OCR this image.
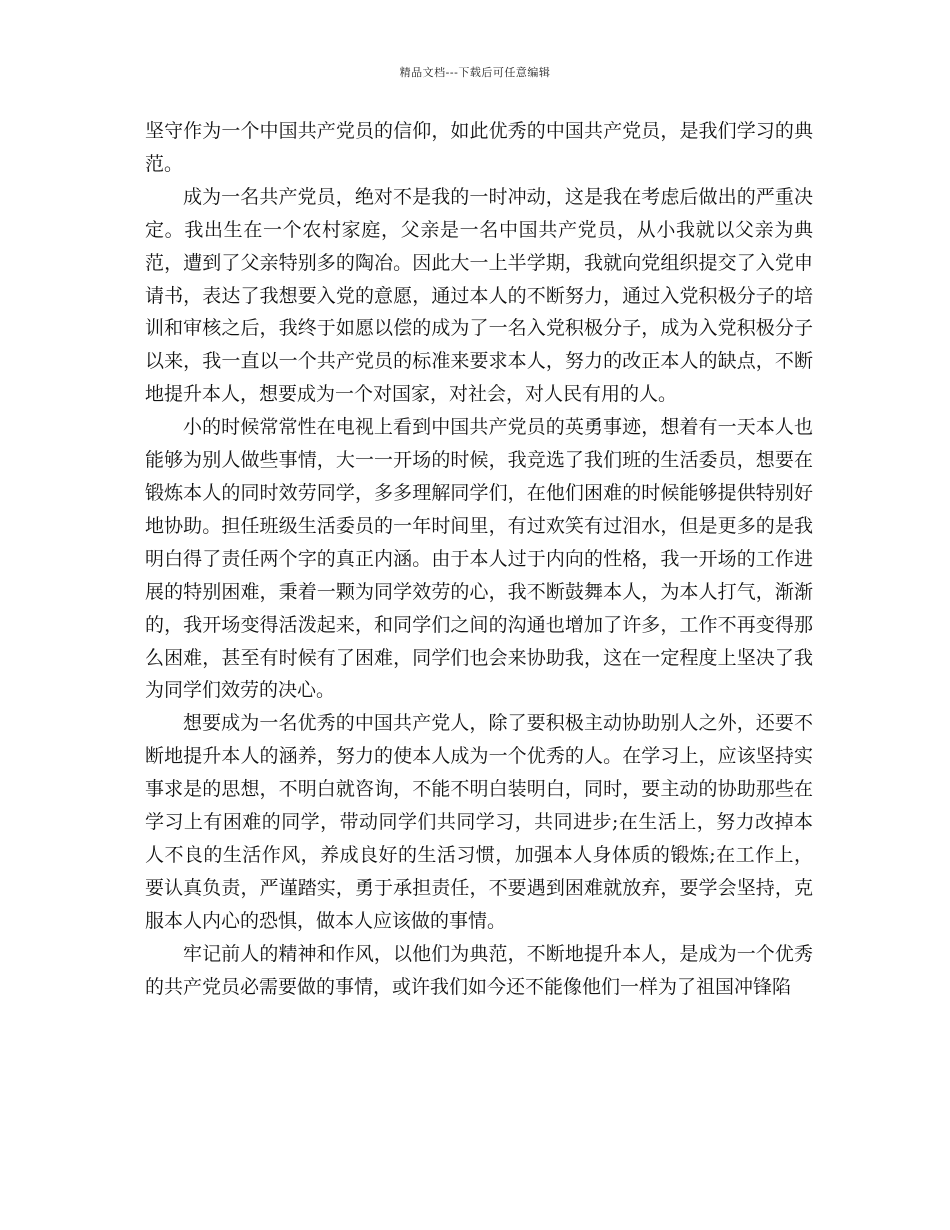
精品文档---下载后可任意编辑

坚守作为一个中国共产党员的信仰，如此优秀的中国共产党员，是我们学习的典范。

成为一名共产党员，绝对不是我的一时冲动，这是我在考虑后做出的严重决定。我出生在一个农村家庭，父亲是一名中国共产党员，从小我就以父亲为典范，遭到了父亲特别多的陶冶。因此大一上半学期，我就向党组织提交了入党申请书，表达了我想要入党的意愿，通过本人的不断努力，通过入党积极分子的培训和审核之后，我终于如愿以偿的成为了一名入党积极分子，成为入党积极分子以来，我一直以一个共产党员的标准来要求本人，努力的改正本人的缺点，不断地提升本人，想要成为一个对国家，对社会，对人民有用的人。

小的时候常常性在电视上看到中国共产党员的英勇事迹，想着有一天本人也能够为别人做些事情，大一一开场的时候，我竞选了我们班的生活委员，想要在锻炼本人的同时效劳同学，多多理解同学们，在他们困难的时候能够提供特别好地协助。担任班级生活委员的一年时间里，有过欢笑有过泪水，但是更多的是我明白得了责任两个字的真正内涵。由于本人过于内向的性格，我一开场的工作进展的特别困难，秉着一颗为同学效劳的心，我不断鼓舞本人，为本人打气，渐渐的，我开场变得活泼起来，和同学们之间的沟通也增加了许多，工作不再变得那么困难，甚至有时候有了困难，同学们也会来协助我，这在一定程度上坚决了我为同学们效劳的决心。

想要成为一名优秀的中国共产党人，除了要积极主动协助别人之外，还要不断地提升本人的涵养，努力的使本人成为一个优秀的人。在学习上，应该坚持实事求是的思想，不明白就咨询，不能不明白装明白，同时，要主动的协助那些在学习上有困难的同学，带动同学们共同学习，共同进步;在生活上，努力改掉本人不良的生活作风，养成良好的生活习惯，加强本人身体质的锻炼;在工作上，要认真负责，严谨踏实，勇于承担责任，不要遇到困难就放弃，要学会坚持，克服本人内心的恐惧，做本人应该做的事情。

牢记前人的精神和作风，以他们为典范，不断地提升本人，是成为一个优秀的共产党员必需要做的事情，或许我们如今还不能像他们一样为了祖国冲锋陷
